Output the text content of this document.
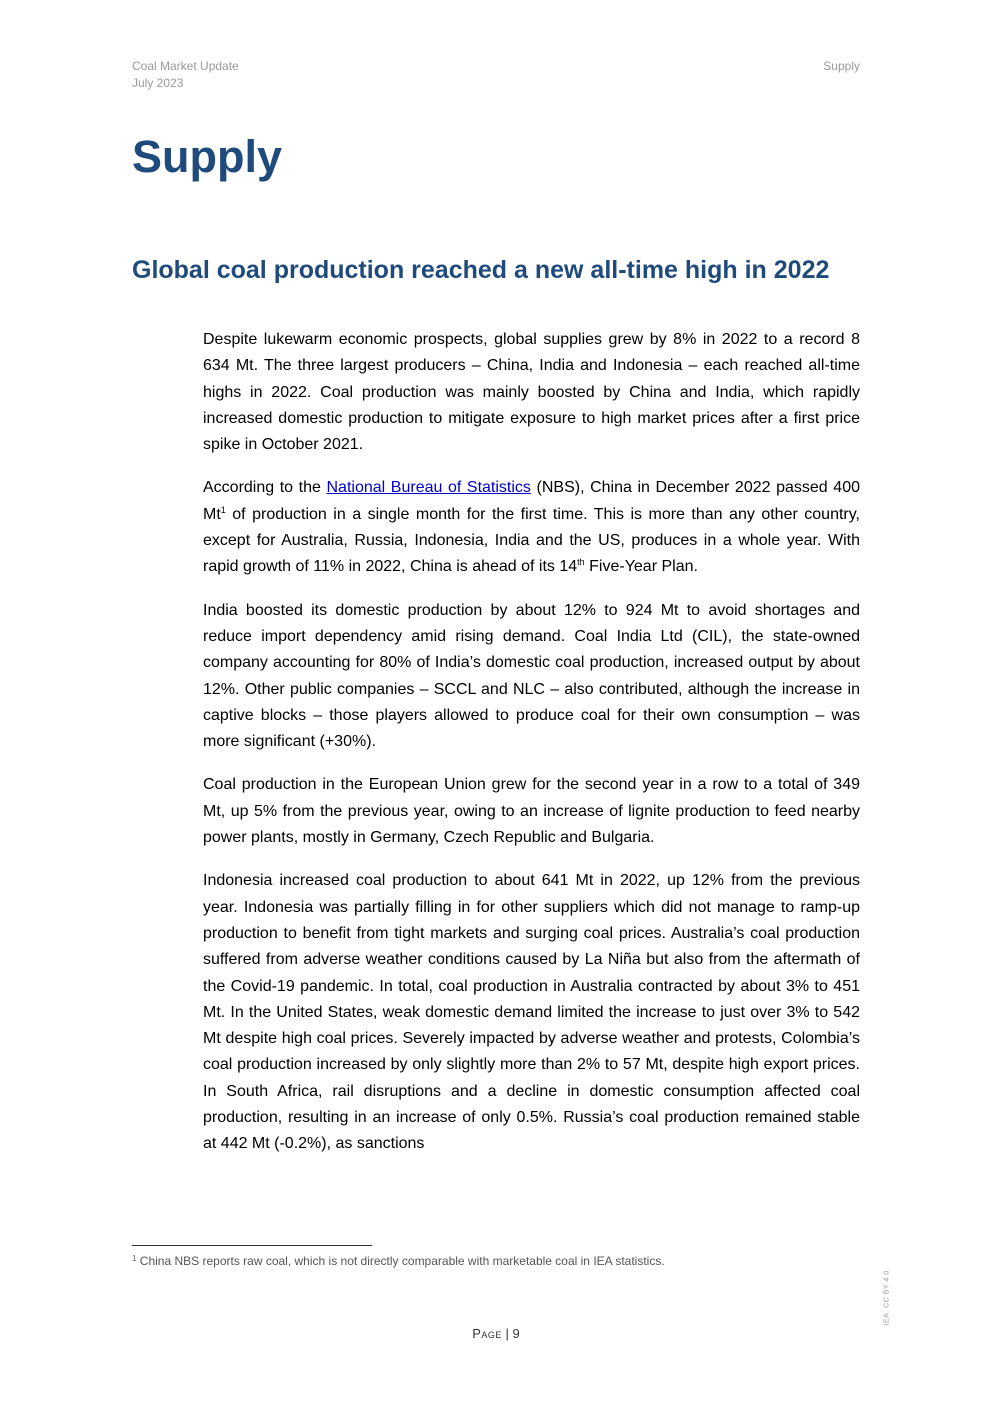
Coal Market Update
July 2023
Supply
Supply
Global coal production reached a new all-time high in 2022

Despite lukewarm economic prospects, global supplies grew by 8% in 2022 to a record 8 634 Mt. The three largest producers – China, India and Indonesia – each reached all-time highs in 2022. Coal production was mainly boosted by China and India, which rapidly increased domestic production to mitigate exposure to high market prices after a first price spike in October 2021.

According to the National Bureau of Statistics (NBS), China in December 2022 passed 400 Mt$^1$ of production in a single month for the first time. This is more than any other country, except for Australia, Russia, Indonesia, India and the US, produces in a whole year. With rapid growth of 11% in 2022, China is ahead of its 14th Five-Year Plan.

India boosted its domestic production by about 12% to 924 Mt to avoid shortages and reduce import dependency amid rising demand. Coal India Ltd (CIL), the state-owned company accounting for 80% of India’s domestic coal production, increased output by about 12%. Other public companies – SCCL and NLC – also contributed, although the increase in captive blocks – those players allowed to produce coal for their own consumption – was more significant (+30%).

Coal production in the European Union grew for the second year in a row to a total of 349 Mt, up 5% from the previous year, owing to an increase of lignite production to feed nearby power plants, mostly in Germany, Czech Republic and Bulgaria.

Indonesia increased coal production to about 641 Mt in 2022, up 12% from the previous year. Indonesia was partially filling in for other suppliers which did not manage to ramp-up production to benefit from tight markets and surging coal prices. Australia’s coal production suffered from adverse weather conditions caused by La Niña but also from the aftermath of the Covid-19 pandemic. In total, coal production in Australia contracted by about 3% to 451 Mt. In the United States, weak domestic demand limited the increase to just over 3% to 542 Mt despite high coal prices. Severely impacted by adverse weather and protests, Colombia’s coal production increased by only slightly more than 2% to 57 Mt, despite high export prices. In South Africa, rail disruptions and a decline in domestic consumption affected coal production, resulting in an increase of only 0.5%. Russia’s coal production remained stable at 442 Mt (-0.2%), as sanctions

$^1$ China NBS reports raw coal, which is not directly comparable with marketable coal in IEA statistics.
Page | 9
IEA. CC BY 4.0.
